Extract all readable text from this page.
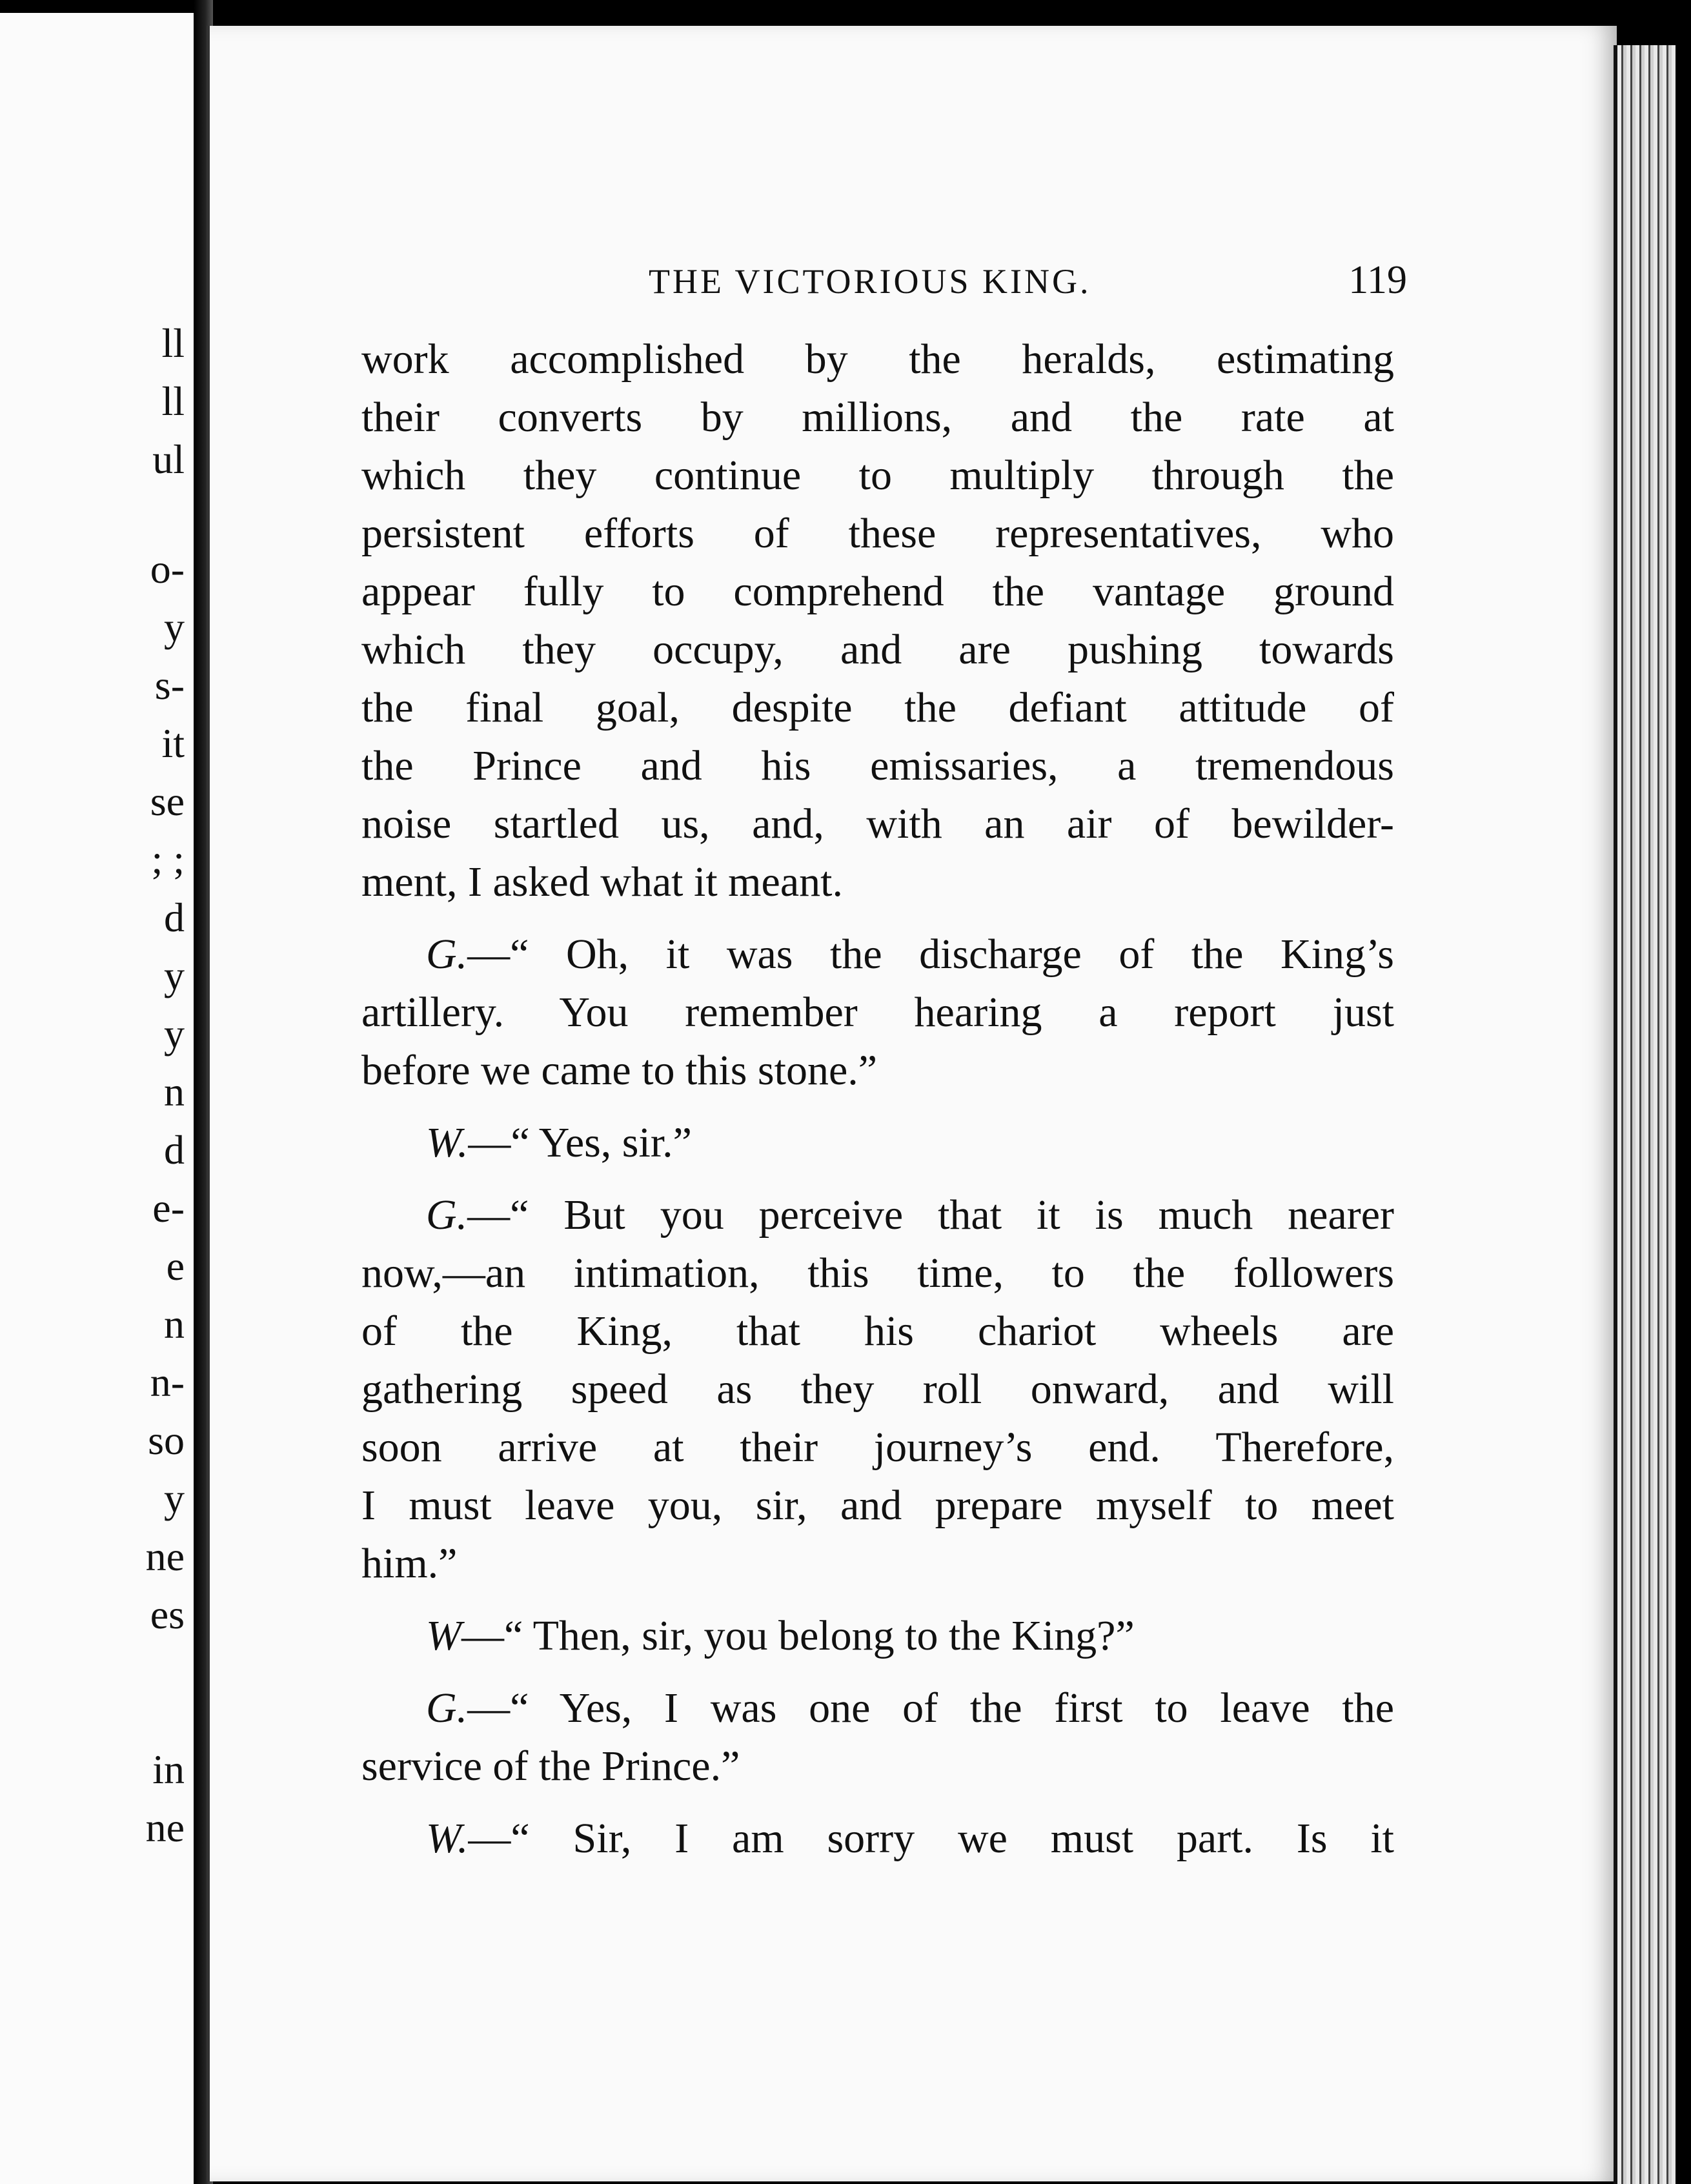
ll
ll
ul
o-
y
s-
it
se
; ;
d
y
y
n
d
e-
e
n
n-
so
y
ne
es
in
ne
THE VICTORIOUS KING.	119
work accomplished by the heralds, estimating
their converts by millions, and the rate at
which they continue to multiply through the
persistent efforts of these representatives, who
appear fully to comprehend the vantage ground
which they occupy, and are pushing towards
the final goal, despite the defiant attitude of
the Prince and his emissaries, a tremendous
noise startled us, and, with an air of bewilder-
ment, I asked what it meant.
G.—“ Oh, it was the discharge of the King’s
artillery. You remember hearing a report just
before we came to this stone.”
W.—“ Yes, sir.”
G.—“ But you perceive that it is much nearer
now,—an intimation, this time, to the followers
of the King, that his chariot wheels are
gathering speed as they roll onward, and will
soon arrive at their journey’s end. Therefore,
I must leave you, sir, and prepare myself to meet
him.”
W—“ Then, sir, you belong to the King?”
G.—“ Yes, I was one of the first to leave the
service of the Prince.”
W.—“ Sir, I am sorry we must part. Is it
